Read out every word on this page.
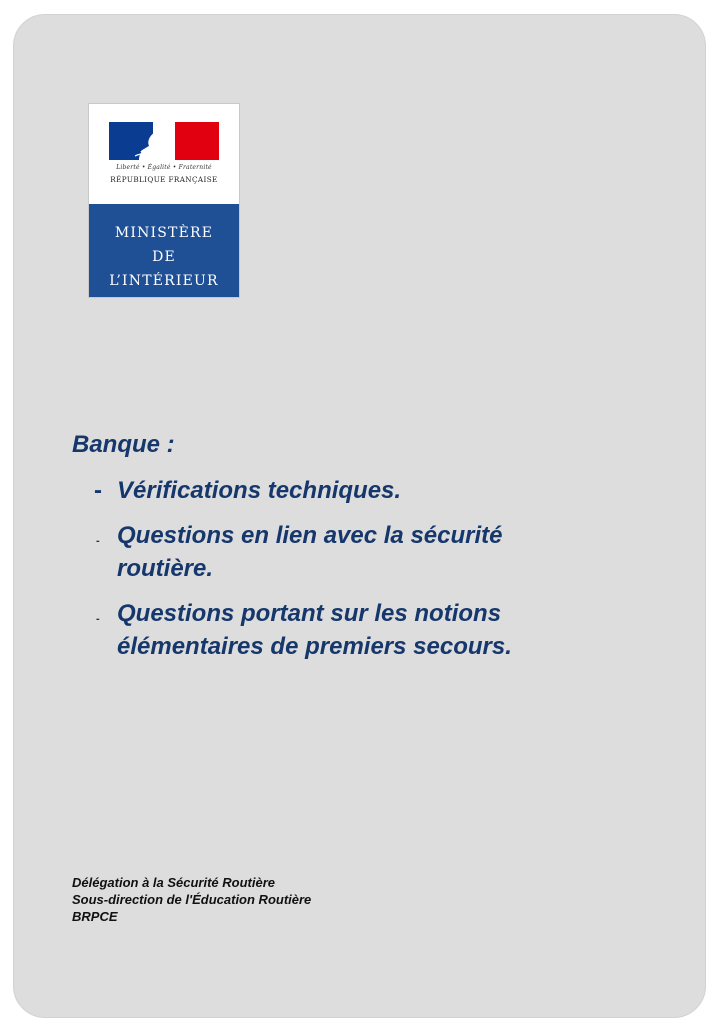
Liberté • Égalité • Fraternité
RÉPUBLIQUE FRANÇAISE
MINISTÈRE
DE
L’INTÉRIEUR

Banque :

- Vérifications techniques.
- Questions en lien avec la sécurité
routière.
- Questions portant sur les notions
élémentaires de premiers secours.
Délégation à la Sécurité Routière
Sous-direction de l'Éducation Routière
BRPCE
